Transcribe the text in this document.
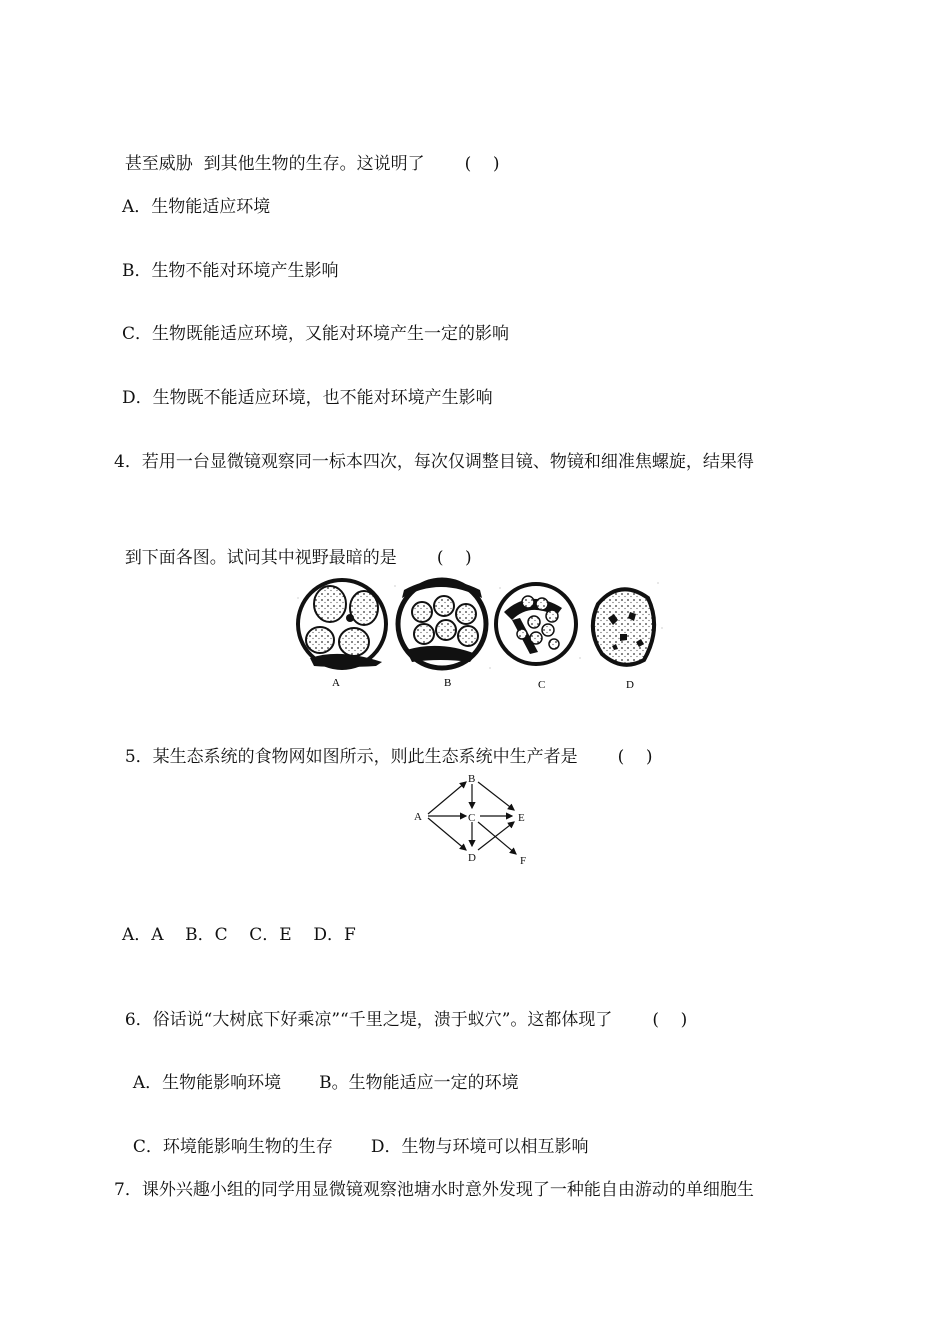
甚至威胁  到其他生物的生存。这说明了 (    )

A．生物能适应环境
B．生物不能对环境产生影响
C．生物既能适应环境，又能对环境产生一定的影响
D．生物既不能适应环境，也不能对环境产生影响
4．若用一台显微镜观察同一标本四次，每次仅调整目镜、物镜和细准焦螺旋，结果得

到下面各图。试问其中视野最暗的是 (    )

A	B	C	D

5．某生态系统的食物网如图所示，则此生态系统中生产者是 (    )

A
B
C
D
E
F
A．A    B．C    C．E    D．F

6．俗话说“大树底下好乘凉”“千里之堤，溃于蚁穴”。这都体现了 (    )

A．生物能影响环境 B。生物能适应一定的环境

C．环境能影响生物的生存 D．生物与环境可以相互影响

7．课外兴趣小组的同学用显微镜观察池塘水时意外发现了一种能自由游动的单细胞生
